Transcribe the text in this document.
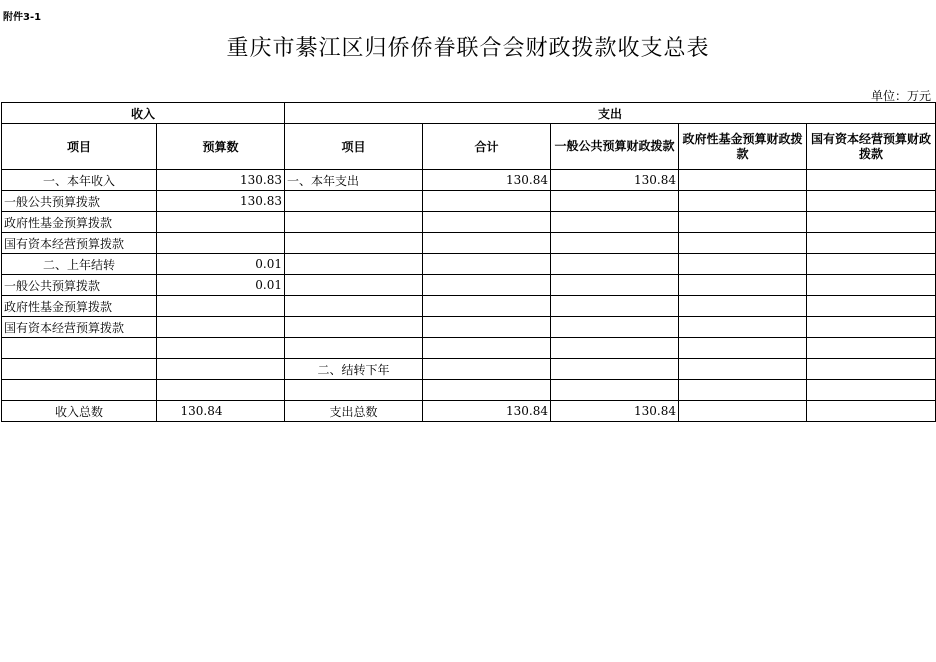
附件3-1
重庆市綦江区归侨侨眷联合会财政拨款收支总表
单位：万元
收入		支出				
项目	预算数	项目	合计	一般公共预算财政拨款	政府性基金预算财政拨款	国有资本经营预算财政拨款
一、本年收入	130.83	一、本年支出	130.84	130.84		
一般公共预算拨款	130.83					
政府性基金预算拨款						
国有资本经营预算拨款						
二、上年结转	0.01					
一般公共预算拨款	0.01					
政府性基金预算拨款						
国有资本经营预算拨款						

		二、结转下年				

收入总数	130.84	支出总数	130.84	130.84		
